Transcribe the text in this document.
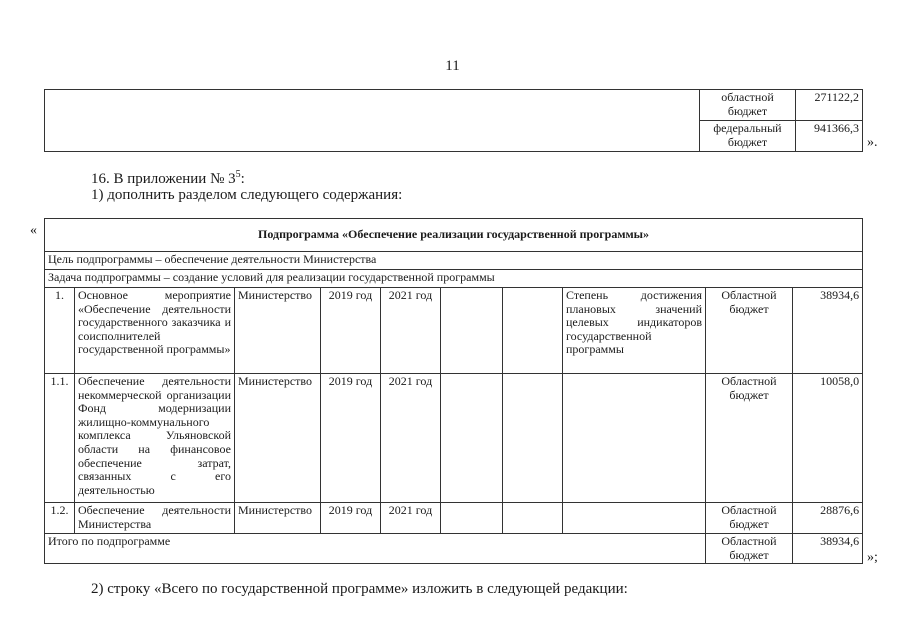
11
	областной бюджет	271122,2
	федеральный бюджет	941366,3
».
16. В приложении № $3^5$:
1) дополнить разделом следующего содержания:
«	Подпрограмма «Обеспечение реализации государственной программы»									
Цель подпрограммы – обеспечение деятельности Министерства									
Задача подпрограммы – создание условий для реализации государственной программы									
1.	Основное мероприятие «Обеспечение деятельности государственного заказчика и соисполнителей государственной программы»	Министерство	2019 год	2021 год			Степень достижения плановых значений целевых индикаторов государственной программы	Областной бюджет	38934,6
1.1.	Обеспечение деятельности некоммерческой организации Фонд модернизации жилищно-коммунального комплекса Ульяновской области на финансовое обеспечение затрат, связанных с его деятельностью	Министерство	2019 год	2021 год				Областной бюджет	10058,0
1.2.	Обеспечение деятельности Министерства	Министерство	2019 год	2021 год				Областной бюджет	28876,6
Итого по подпрограмме								Областной бюджет	38934,6
»;
2) строку «Всего по государственной программе» изложить в следующей редакции:
